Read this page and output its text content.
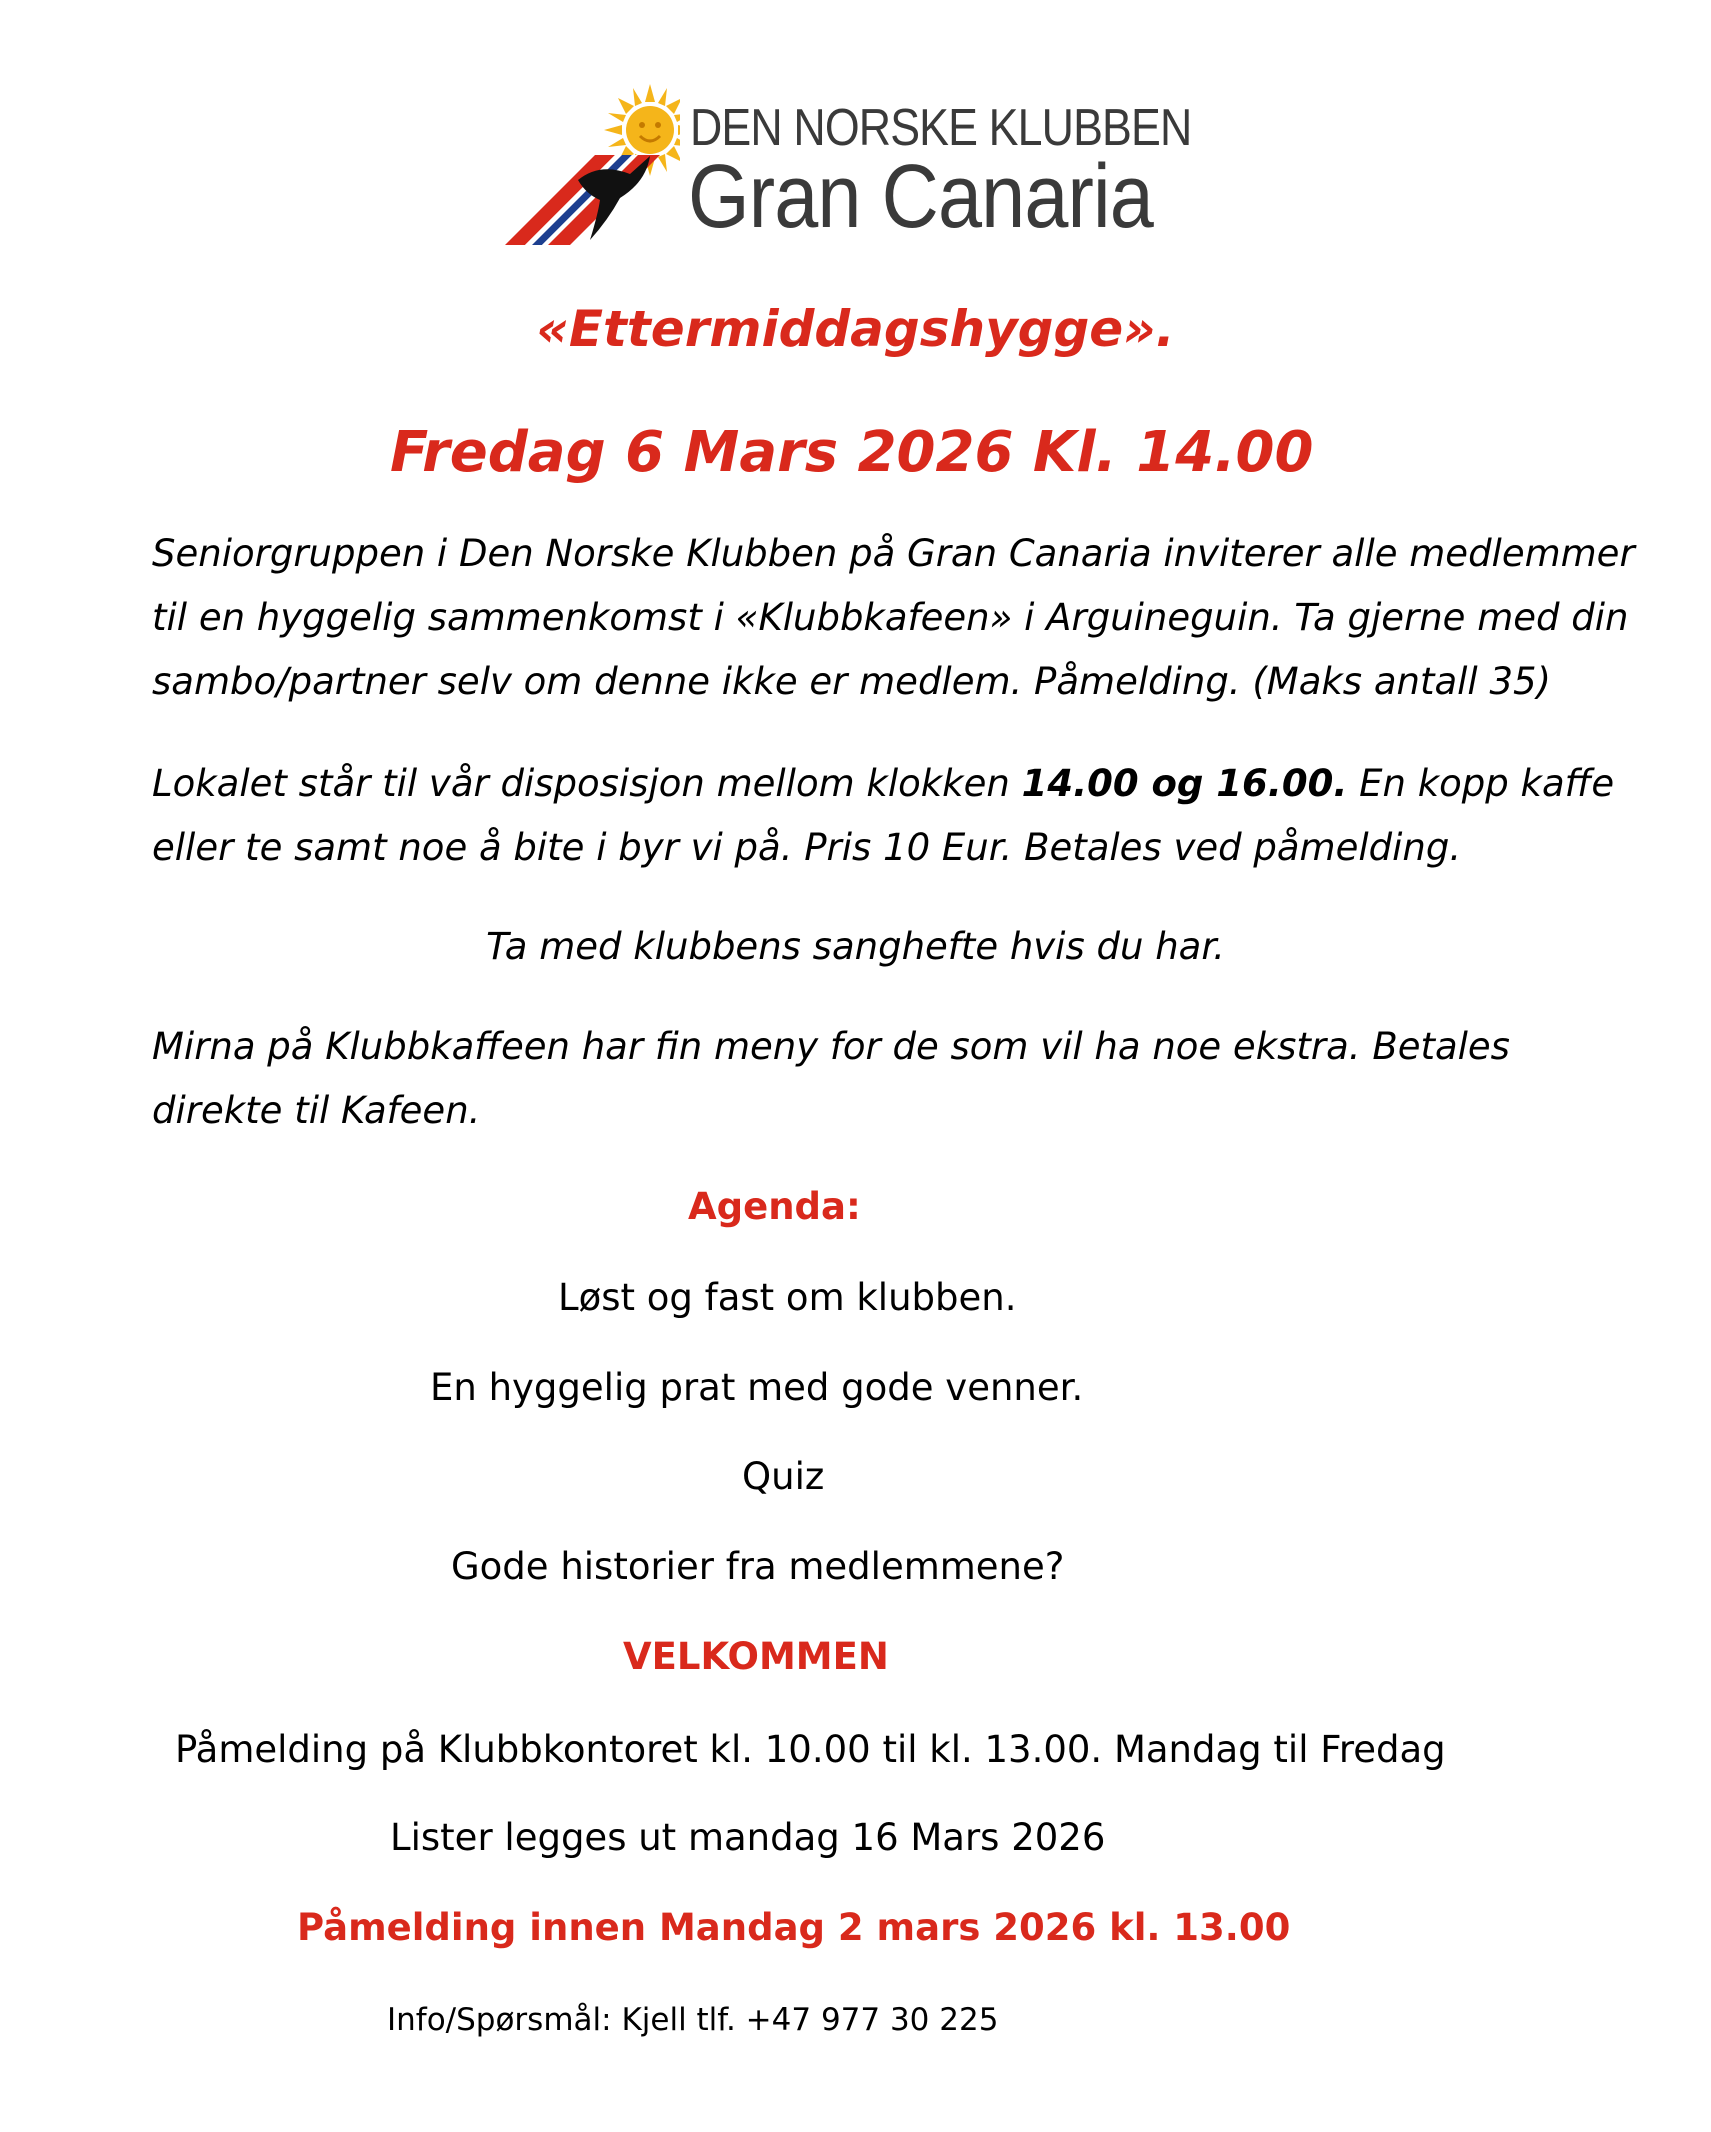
DEN NORSKE KLUBBEN
Gran Canaria
«Ettermiddagshygge».
Fredag 6 Mars 2026 Kl. 14.00
Seniorgruppen i Den Norske Klubben på Gran Canaria inviterer alle medlemmer til en hyggelig sammenkomst i «Klubbkafeen» i Arguineguin. Ta gjerne med din sambo/partner selv om denne ikke er medlem. Påmelding. (Maks antall 35)
Lokalet står til vår disposisjon mellom klokken 14.00 og 16.00. En kopp kaffe eller te samt noe å bite i byr vi på. Pris 10 Eur. Betales ved påmelding.
Ta med klubbens sanghefte hvis du har.
Mirna på Klubbkaffeen har fin meny for de som vil ha noe ekstra. Betales direkte til Kafeen.
Agenda:
Løst og fast om klubben.
En hyggelig prat med gode venner.
Quiz
Gode historier fra medlemmene?
VELKOMMEN
Påmelding på Klubbkontoret kl. 10.00 til kl. 13.00. Mandag til Fredag
Lister legges ut mandag 16 Mars 2026
Påmelding innen Mandag 2 mars 2026 kl. 13.00
Info/Spørsmål: Kjell tlf. +47 977 30 225
